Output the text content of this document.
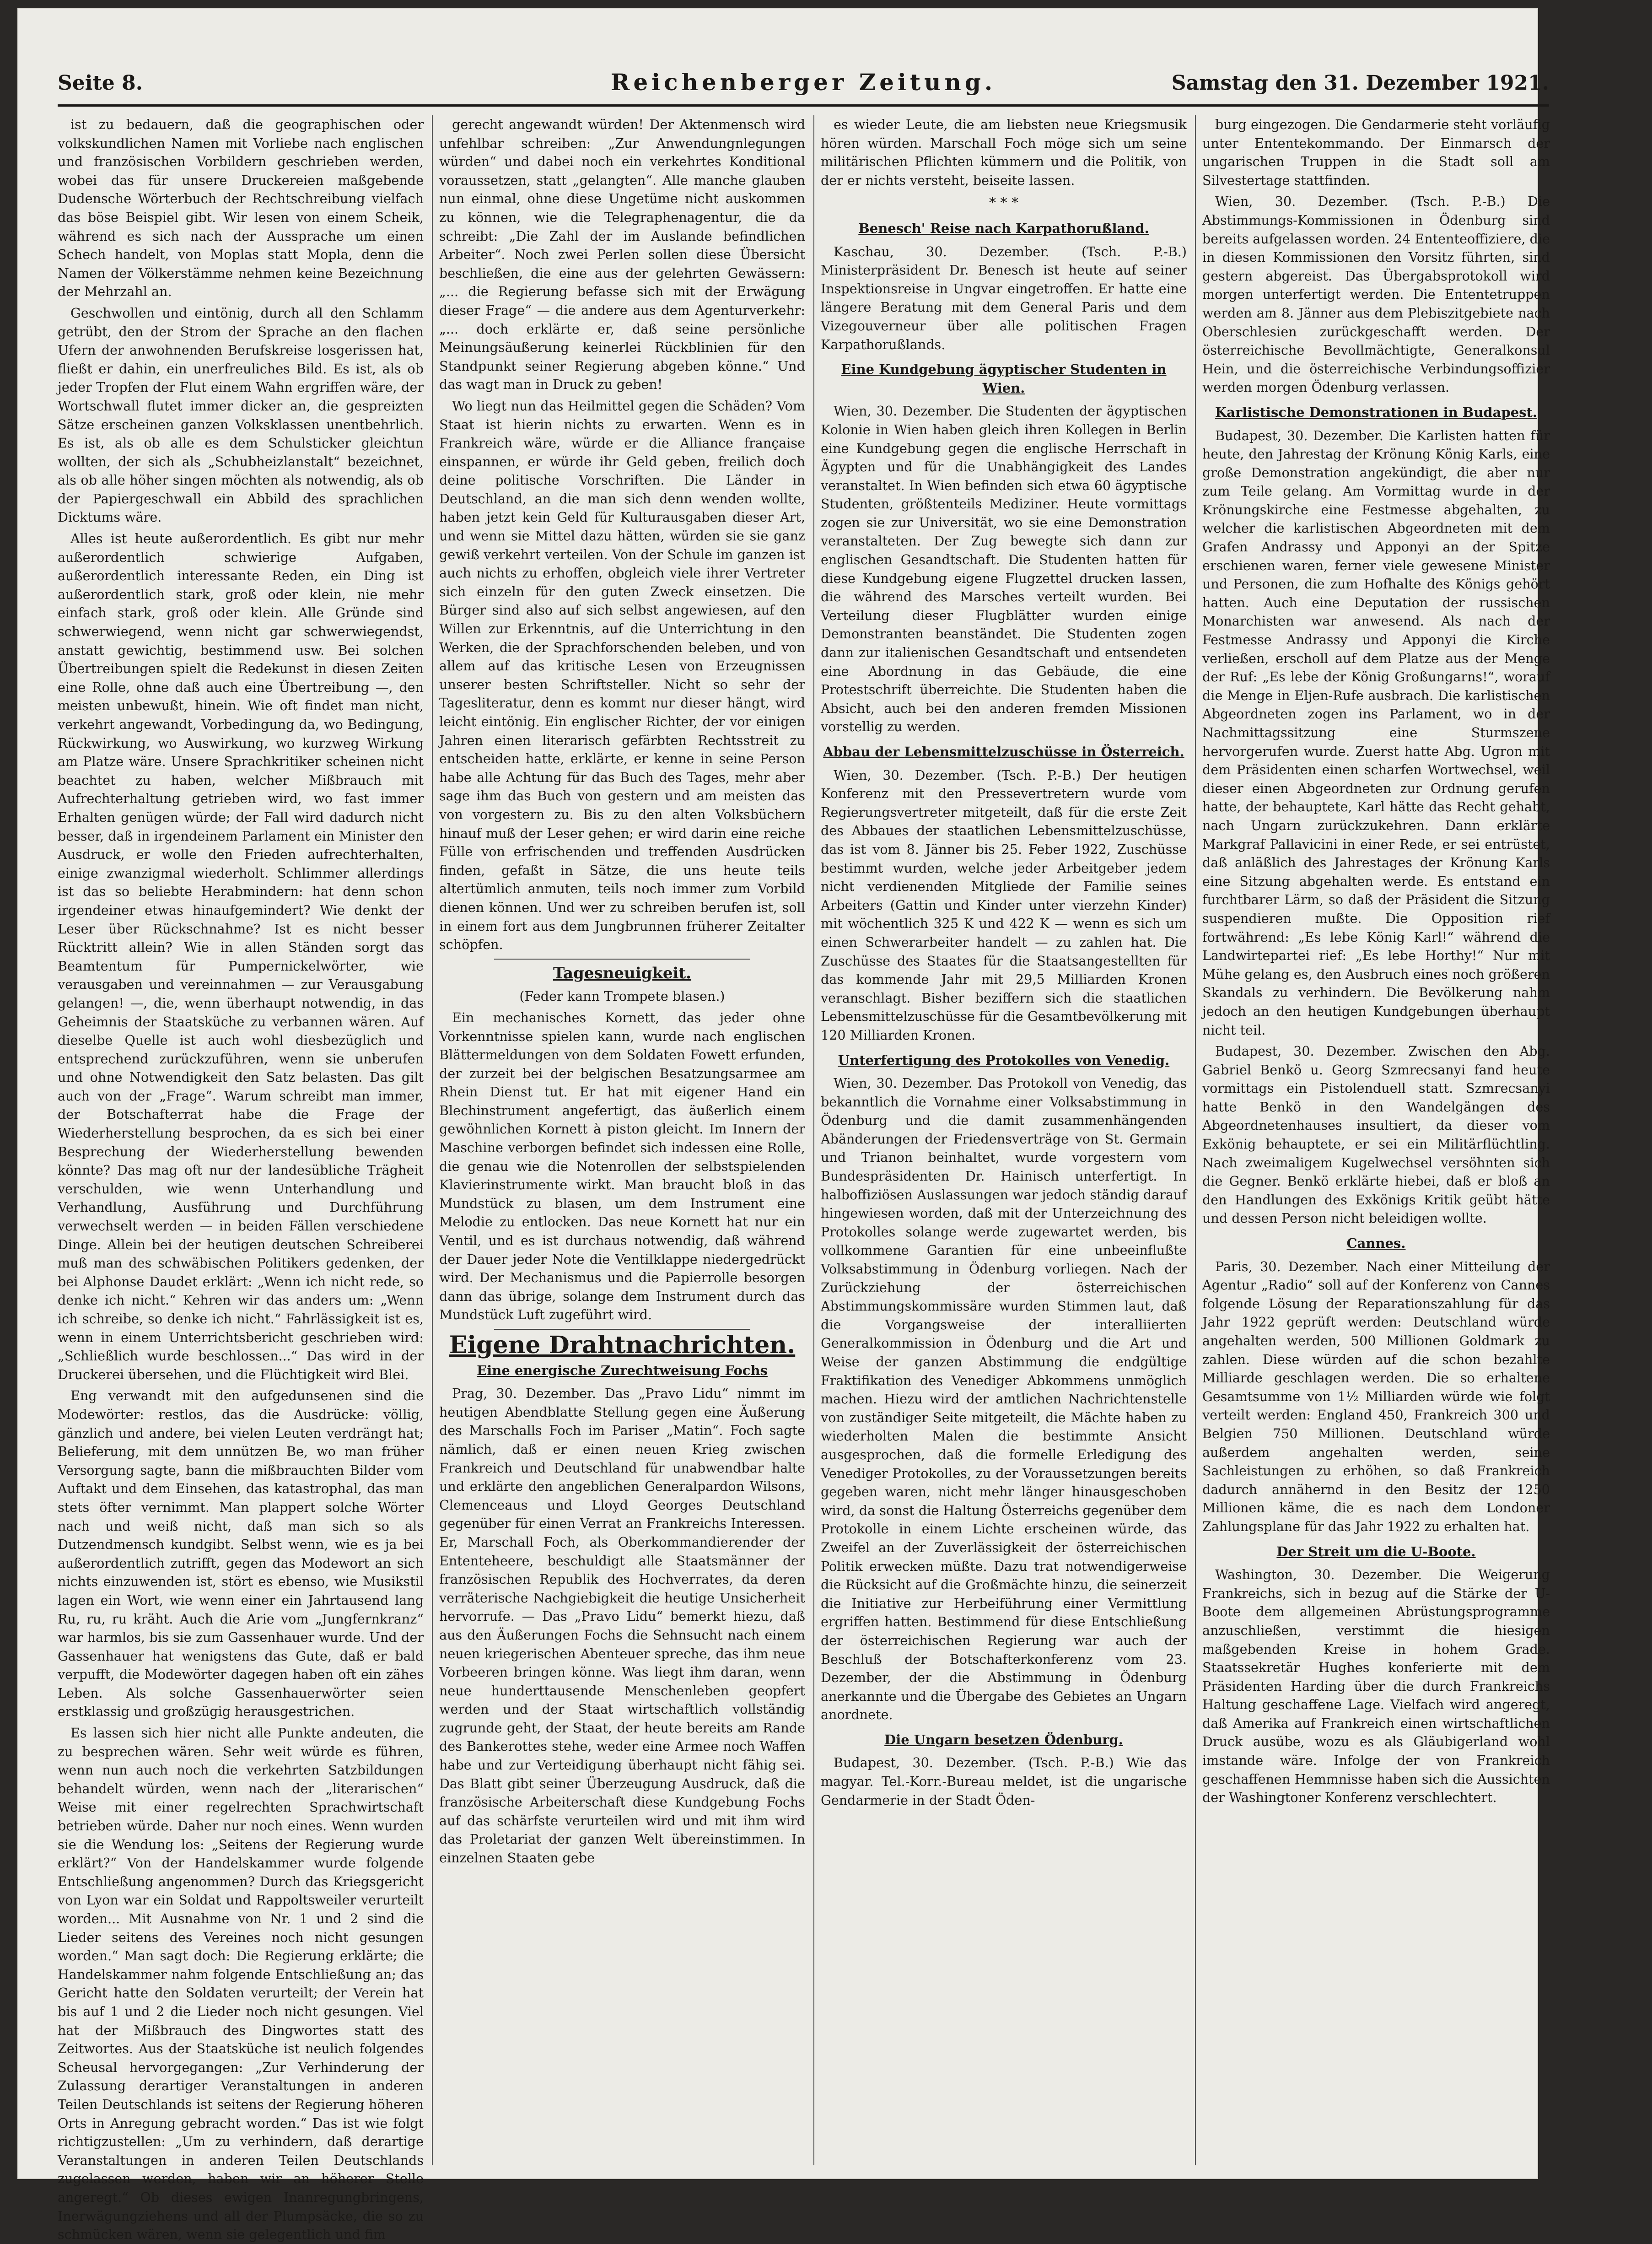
Seite 8.	Reichenberger Zeitung.	Samstag den 31. Dezember 1921.

ist zu bedauern, daß die geographischen oder volkskundlichen Namen mit Vorliebe nach englischen und französischen Vorbildern geschrieben werden, wobei das für unsere Druckereien maßgebende Dudensche Wörterbuch der Rechtschreibung vielfach das böse Beispiel gibt. Wir lesen von einem Scheik, während es sich nach der Aussprache um einen Schech handelt, von Moplas statt Mopla, denn die Namen der Völkerstämme nehmen keine Bezeichnung der Mehrzahl an.

Geschwollen und eintönig, durch all den Schlamm getrübt, den der Strom der Sprache an den flachen Ufern der anwohnenden Berufskreise losgerissen hat, fließt er dahin, ein unerfreuliches Bild. Es ist, als ob jeder Tropfen der Flut einem Wahn ergriffen wäre, der Wortschwall flutet immer dicker an, die gespreizten Sätze erscheinen ganzen Volksklassen unentbehrlich. Es ist, als ob alle es dem Schulsticker gleichtun wollten, der sich als „Schubheizlanstalt“ bezeichnet, als ob alle höher singen möchten als notwendig, als ob der Papiergeschwall ein Abbild des sprachlichen Dicktums wäre.

Alles ist heute außerordentlich. Es gibt nur mehr außerordentlich schwierige Aufgaben, außerordentlich interessante Reden, ein Ding ist außerordentlich stark, groß oder klein, nie mehr einfach stark, groß oder klein. Alle Gründe sind schwerwiegend, wenn nicht gar schwerwiegendst, anstatt gewichtig, bestimmend usw. Bei solchen Übertreibungen spielt die Redekunst in diesen Zeiten eine Rolle, ohne daß auch eine Übertreibung —, den meisten unbewußt, hinein. Wie oft findet man nicht, verkehrt angewandt, Vorbedingung da, wo Bedingung, Rückwirkung, wo Auswirkung, wo kurzweg Wirkung am Platze wäre. Unsere Sprachkritiker scheinen nicht beachtet zu haben, welcher Mißbrauch mit Aufrechterhaltung getrieben wird, wo fast immer Erhalten genügen würde; der Fall wird dadurch nicht besser, daß in irgendeinem Parlament ein Minister den Ausdruck, er wolle den Frieden aufrechterhalten, einige zwanzigmal wiederholt. Schlimmer allerdings ist das so beliebte Herabmindern: hat denn schon irgendeiner etwas hinaufgemindert? Wie denkt der Leser über Rückschnahme? Ist es nicht besser Rücktritt allein? Wie in allen Ständen sorgt das Beamtentum für Pumpernickelwörter, wie verausgaben und vereinnahmen — zur Verausgabung gelangen! —, die, wenn überhaupt notwendig, in das Geheimnis der Staatsküche zu verbannen wären. Auf dieselbe Quelle ist auch wohl diesbezüglich und entsprechend zurückzuführen, wenn sie unberufen und ohne Notwendigkeit den Satz belasten. Das gilt auch von der „Frage“. Warum schreibt man immer, der Botschafterrat habe die Frage der Wiederherstellung besprochen, da es sich bei einer Besprechung der Wiederherstellung bewenden könnte? Das mag oft nur der landesübliche Trägheit verschulden, wie wenn Unterhandlung und Verhandlung, Ausführung und Durchführung verwechselt werden — in beiden Fällen verschiedene Dinge. Allein bei der heutigen deutschen Schreiberei muß man des schwäbischen Politikers gedenken, der bei Alphonse Daudet erklärt: „Wenn ich nicht rede, so denke ich nicht.“ Kehren wir das anders um: „Wenn ich schreibe, so denke ich nicht.“ Fahrlässigkeit ist es, wenn in einem Unterrichtsbericht geschrieben wird: „Schließlich wurde beschlossen...“ Das wird in der Druckerei übersehen, und die Flüchtigkeit wird Blei.

Eng verwandt mit den aufgedunsenen sind die Modewörter: restlos, das die Ausdrücke: völlig, gänzlich und andere, bei vielen Leuten verdrängt hat; Belieferung, mit dem unnützen Be, wo man früher Versorgung sagte, bann die mißbrauchten Bilder vom Auftakt und dem Einsehen, das katastrophal, das man stets öfter vernimmt. Man plappert solche Wörter nach und weiß nicht, daß man sich so als Dutzendmensch kundgibt. Selbst wenn, wie es ja bei außerordentlich zutrifft, gegen das Modewort an sich nichts einzuwenden ist, stört es ebenso, wie Musikstil lagen ein Wort, wie wenn einer ein Jahrtausend lang Ru, ru, ru kräht. Auch die Arie vom „Jungfernkranz“ war harmlos, bis sie zum Gassenhauer wurde. Und der Gassenhauer hat wenigstens das Gute, daß er bald verpufft, die Modewörter dagegen haben oft ein zähes Leben. Als solche Gassenhauerwörter seien erstklassig und großzügig herausgestrichen.

Es lassen sich hier nicht alle Punkte andeuten, die zu besprechen wären. Sehr weit würde es führen, wenn nun auch noch die verkehrten Satzbildungen behandelt würden, wenn nach der „literarischen“ Weise mit einer regelrechten Sprachwirtschaft betrieben würde. Daher nur noch eines. Wenn wurden sie die Wendung los: „Seitens der Regierung wurde erklärt?“ Von der Handelskammer wurde folgende Entschließung angenommen? Durch das Kriegsgericht von Lyon war ein Soldat und Rappoltsweiler verurteilt worden... Mit Ausnahme von Nr. 1 und 2 sind die Lieder seitens des Vereines noch nicht gesungen worden.“ Man sagt doch: Die Regierung erklärte; die Handelskammer nahm folgende Entschließung an; das Gericht hatte den Soldaten verurteilt; der Verein hat bis auf 1 und 2 die Lieder noch nicht gesungen. Viel hat der Mißbrauch des Dingwortes statt des Zeitwortes. Aus der Staatsküche ist neulich folgendes Scheusal hervorgegangen: „Zur Verhinderung der Zulassung derartiger Veranstaltungen in anderen Teilen Deutschlands ist seitens der Regierung höheren Orts in Anregung gebracht worden.“ Das ist wie folgt richtigzustellen: „Um zu verhindern, daß derartige Veranstaltungen in anderen Teilen Deutschlands zugelassen werden, haben wir an höherer Stelle angeregt.“ Ob dieses ewigen Inanregungbringens, Inerwägungziehens und all der Plumpsäcke, die so zu schmücken wären, wenn sie gelegentlich und fim

gerecht angewandt würden! Der Aktenmensch wird unfehlbar schreiben: „Zur Anwendungnlegungen würden“ und dabei noch ein verkehrtes Konditional voraussetzen, statt „gelangten“. Alle manche glauben nun einmal, ohne diese Ungetüme nicht auskommen zu können, wie die Telegraphenagentur, die da schreibt: „Die Zahl der im Auslande befindlichen Arbeiter“. Noch zwei Perlen sollen diese Übersicht beschließen, die eine aus der gelehrten Gewässern: „... die Regierung befasse sich mit der Erwägung dieser Frage“ — die andere aus dem Agenturverkehr: „... doch erklärte er, daß seine persönliche Meinungsäußerung keinerlei Rückblinien für den Standpunkt seiner Regierung abgeben könne.“ Und das wagt man in Druck zu geben!

Wo liegt nun das Heilmittel gegen die Schäden? Vom Staat ist hierin nichts zu erwarten. Wenn es in Frankreich wäre, würde er die Alliance française einspannen, er würde ihr Geld geben, freilich doch deine politische Vorschriften. Die Länder in Deutschland, an die man sich denn wenden wollte, haben jetzt kein Geld für Kulturausgaben dieser Art, und wenn sie Mittel dazu hätten, würden sie sie ganz gewiß verkehrt verteilen. Von der Schule im ganzen ist auch nichts zu erhoffen, obgleich viele ihrer Vertreter sich einzeln für den guten Zweck einsetzen. Die Bürger sind also auf sich selbst angewiesen, auf den Willen zur Erkenntnis, auf die Unterrichtung in den Werken, die der Sprachforschenden beleben, und von allem auf das kritische Lesen von Erzeugnissen unserer besten Schriftsteller. Nicht so sehr der Tagesliteratur, denn es kommt nur dieser hängt, wird leicht eintönig. Ein englischer Richter, der vor einigen Jahren einen literarisch gefärbten Rechtsstreit zu entscheiden hatte, erklärte, er kenne in seine Person habe alle Achtung für das Buch des Tages, mehr aber sage ihm das Buch von gestern und am meisten das von vorgestern zu. Bis zu den alten Volksbüchern hinauf muß der Leser gehen; er wird darin eine reiche Fülle von erfrischenden und treffenden Ausdrücken finden, gefaßt in Sätze, die uns heute teils altertümlich anmuten, teils noch immer zum Vorbild dienen können. Und wer zu schreiben berufen ist, soll in einem fort aus dem Jungbrunnen früherer Zeitalter schöpfen.

Tagesneuigkeit.

(Feder kann Trompete blasen.)

Ein mechanisches Kornett, das jeder ohne Vorkenntnisse spielen kann, wurde nach englischen Blättermeldungen von dem Soldaten Fowett erfunden, der zurzeit bei der belgischen Besatzungsarmee am Rhein Dienst tut. Er hat mit eigener Hand ein Blechinstrument angefertigt, das äußerlich einem gewöhnlichen Kornett à piston gleicht. Im Innern der Maschine verborgen befindet sich indessen eine Rolle, die genau wie die Notenrollen der selbstspielenden Klavierinstrumente wirkt. Man braucht bloß in das Mundstück zu blasen, um dem Instrument eine Melodie zu entlocken. Das neue Kornett hat nur ein Ventil, und es ist durchaus notwendig, daß während der Dauer jeder Note die Ventilklappe niedergedrückt wird. Der Mechanismus und die Papierrolle besorgen dann das übrige, solange dem Instrument durch das Mundstück Luft zugeführt wird.

Eigene Drahtnachrichten.
Eine energische Zurechtweisung Fochs

Prag, 30. Dezember. Das „Pravo Lidu“ nimmt im heutigen Abendblatte Stellung gegen eine Äußerung des Marschalls Foch im Pariser „Matin“. Foch sagte nämlich, daß er einen neuen Krieg zwischen Frankreich und Deutschland für unabwendbar halte und erklärte den angeblichen Generalpardon Wilsons, Clemenceaus und Lloyd Georges Deutschland gegenüber für einen Verrat an Frankreichs Interessen. Er, Marschall Foch, als Oberkommandierender der Ententeheere, beschuldigt alle Staatsmänner der französischen Republik des Hochverrates, da deren verräterische Nachgiebigkeit die heutige Unsicherheit hervorrufe. — Das „Pravo Lidu“ bemerkt hiezu, daß aus den Äußerungen Fochs die Sehnsucht nach einem neuen kriegerischen Abenteuer spreche, das ihm neue Vorbeeren bringen könne. Was liegt ihm daran, wenn neue hunderttausende Menschenleben geopfert werden und der Staat wirtschaftlich vollständig zugrunde geht, der Staat, der heute bereits am Rande des Bankerottes stehe, weder eine Armee noch Waffen habe und zur Verteidigung überhaupt nicht fähig sei. Das Blatt gibt seiner Überzeugung Ausdruck, daß die französische Arbeiterschaft diese Kundgebung Fochs auf das schärfste verurteilen wird und mit ihm wird das Proletariat der ganzen Welt übereinstimmen. In einzelnen Staaten gebe

es wieder Leute, die am liebsten neue Kriegsmusik hören würden. Marschall Foch möge sich um seine militärischen Pflichten kümmern und die Politik, von der er nichts versteht, beiseite lassen.

* * *
Benesch' Reise nach Karpathorußland.

Kaschau, 30. Dezember. (Tsch. P.-B.) Ministerpräsident Dr. Benesch ist heute auf seiner Inspektionsreise in Ungvar eingetroffen. Er hatte eine längere Beratung mit dem General Paris und dem Vizegouverneur über alle politischen Fragen Karpathorußlands.

Eine Kundgebung ägyptischer Studenten in Wien.

Wien, 30. Dezember. Die Studenten der ägyptischen Kolonie in Wien haben gleich ihren Kollegen in Berlin eine Kundgebung gegen die englische Herrschaft in Ägypten und für die Unabhängigkeit des Landes veranstaltet. In Wien befinden sich etwa 60 ägyptische Studenten, größtenteils Mediziner. Heute vormittags zogen sie zur Universität, wo sie eine Demonstration veranstalteten. Der Zug bewegte sich dann zur englischen Gesandtschaft. Die Studenten hatten für diese Kundgebung eigene Flugzettel drucken lassen, die während des Marsches verteilt wurden. Bei Verteilung dieser Flugblätter wurden einige Demonstranten beanständet. Die Studenten zogen dann zur italienischen Gesandtschaft und entsendeten eine Abordnung in das Gebäude, die eine Protestschrift überreichte. Die Studenten haben die Absicht, auch bei den anderen fremden Missionen vorstellig zu werden.

Abbau der Lebensmittelzuschüsse in Österreich.

Wien, 30. Dezember. (Tsch. P.-B.) Der heutigen Konferenz mit den Pressevertretern wurde vom Regierungsvertreter mitgeteilt, daß für die erste Zeit des Abbaues der staatlichen Lebensmittelzuschüsse, das ist vom 8. Jänner bis 25. Feber 1922, Zuschüsse bestimmt wurden, welche jeder Arbeitgeber jedem nicht verdienenden Mitgliede der Familie seines Arbeiters (Gattin und Kinder unter vierzehn Kinder) mit wöchentlich 325 K und 422 K — wenn es sich um einen Schwerarbeiter handelt — zu zahlen hat. Die Zuschüsse des Staates für die Staatsangestellten für das kommende Jahr mit 29,5 Milliarden Kronen veranschlagt. Bisher beziffern sich die staatlichen Lebensmittelzuschüsse für die Gesamtbevölkerung mit 120 Milliarden Kronen.

Unterfertigung des Protokolles von Venedig.

Wien, 30. Dezember. Das Protokoll von Venedig, das bekanntlich die Vornahme einer Volksabstimmung in Ödenburg und die damit zusammenhängenden Abänderungen der Friedensverträge von St. Germain und Trianon beinhaltet, wurde vorgestern vom Bundespräsidenten Dr. Hainisch unterfertigt. In halboffiziösen Auslassungen war jedoch ständig darauf hingewiesen worden, daß mit der Unterzeichnung des Protokolles solange werde zugewartet werden, bis vollkommene Garantien für eine unbeeinflußte Volksabstimmung in Ödenburg vorliegen. Nach der Zurückziehung der österreichischen Abstimmungskommissäre wurden Stimmen laut, daß die Vorgangsweise der interalliierten Generalkommission in Ödenburg und die Art und Weise der ganzen Abstimmung die endgültige Fraktifikation des Venediger Abkommens unmöglich machen. Hiezu wird der amtlichen Nachrichtenstelle von zuständiger Seite mitgeteilt, die Mächte haben zu wiederholten Malen die bestimmte Ansicht ausgesprochen, daß die formelle Erledigung des Venediger Protokolles, zu der Voraussetzungen bereits gegeben waren, nicht mehr länger hinausgeschoben wird, da sonst die Haltung Österreichs gegenüber dem Protokolle in einem Lichte erscheinen würde, das Zweifel an der Zuverlässigkeit der österreichischen Politik erwecken müßte. Dazu trat notwendigerweise die Rücksicht auf die Großmächte hinzu, die seinerzeit die Initiative zur Herbeiführung einer Vermittlung ergriffen hatten. Bestimmend für diese Entschließung der österreichischen Regierung war auch der Beschluß der Botschafterkonferenz vom 23. Dezember, der die Abstimmung in Ödenburg anerkannte und die Übergabe des Gebietes an Ungarn anordnete.

Die Ungarn besetzen Ödenburg.

Budapest, 30. Dezember. (Tsch. P.-B.) Wie das magyar. Tel.-Korr.-Bureau meldet, ist die ungarische Gendarmerie in der Stadt Öden-

burg eingezogen. Die Gendarmerie steht vorläufig unter Ententekommando. Der Einmarsch der ungarischen Truppen in die Stadt soll am Silvestertage stattfinden.

Wien, 30. Dezember. (Tsch. P.-B.) Die Abstimmungs-Kommissionen in Ödenburg sind bereits aufgelassen worden. 24 Ententeoffiziere, die in diesen Kommissionen den Vorsitz führten, sind gestern abgereist. Das Übergabsprotokoll wird morgen unterfertigt werden. Die Ententetruppen werden am 8. Jänner aus dem Plebiszitgebiete nach Oberschlesien zurückgeschafft werden. Der österreichische Bevollmächtigte, Generalkonsul Hein, und die österreichische Verbindungsoffizier werden morgen Ödenburg verlassen.

Karlistische Demonstrationen in Budapest.

Budapest, 30. Dezember. Die Karlisten hatten für heute, den Jahrestag der Krönung König Karls, eine große Demonstration angekündigt, die aber nur zum Teile gelang. Am Vormittag wurde in der Krönungskirche eine Festmesse abgehalten, zu welcher die karlistischen Abgeordneten mit dem Grafen Andrassy und Apponyi an der Spitze erschienen waren, ferner viele gewesene Minister und Personen, die zum Hofhalte des Königs gehört hatten. Auch eine Deputation der russischen Monarchisten war anwesend. Als nach der Festmesse Andrassy und Apponyi die Kirche verließen, erscholl auf dem Platze aus der Menge der Ruf: „Es lebe der König Großungarns!“, worauf die Menge in Eljen-Rufe ausbrach. Die karlistischen Abgeordneten zogen ins Parlament, wo in der Nachmittagssitzung eine Sturmszene hervorgerufen wurde. Zuerst hatte Abg. Ugron mit dem Präsidenten einen scharfen Wortwechsel, weil dieser einen Abgeordneten zur Ordnung gerufen hatte, der behauptete, Karl hätte das Recht gehabt, nach Ungarn zurückzukehren. Dann erklärte Markgraf Pallavicini in einer Rede, er sei entrüstet, daß anläßlich des Jahrestages der Krönung Karls eine Sitzung abgehalten werde. Es entstand ein furchtbarer Lärm, so daß der Präsident die Sitzung suspendieren mußte. Die Opposition rief fortwährend: „Es lebe König Karl!“ während die Landwirtepartei rief: „Es lebe Horthy!“ Nur mit Mühe gelang es, den Ausbruch eines noch größeren Skandals zu verhindern. Die Bevölkerung nahm jedoch an den heutigen Kundgebungen überhaupt nicht teil.

Budapest, 30. Dezember. Zwischen den Abg. Gabriel Benkö u. Georg Szmrecsanyi fand heute vormittags ein Pistolenduell statt. Szmrecsanyi hatte Benkö in den Wandelgängen des Abgeordnetenhauses insultiert, da dieser vom Exkönig behauptete, er sei ein Militärflüchtling. Nach zweimaligem Kugelwechsel versöhnten sich die Gegner. Benkö erklärte hiebei, daß er bloß an den Handlungen des Exkönigs Kritik geübt hätte und dessen Person nicht beleidigen wollte.

Cannes.

Paris, 30. Dezember. Nach einer Mitteilung der Agentur „Radio“ soll auf der Konferenz von Cannes folgende Lösung der Reparationszahlung für das Jahr 1922 geprüft werden: Deutschland würde angehalten werden, 500 Millionen Goldmark zu zahlen. Diese würden auf die schon bezahlte Milliarde geschlagen werden. Die so erhaltene Gesamtsumme von 1½ Milliarden würde wie folgt verteilt werden: England 450, Frankreich 300 und Belgien 750 Millionen. Deutschland würde außerdem angehalten werden, seine Sachleistungen zu erhöhen, so daß Frankreich dadurch annähernd in den Besitz der 1250 Millionen käme, die es nach dem Londoner Zahlungsplane für das Jahr 1922 zu erhalten hat.

Der Streit um die U-Boote.

Washington, 30. Dezember. Die Weigerung Frankreichs, sich in bezug auf die Stärke der U-Boote dem allgemeinen Abrüstungsprogramme anzuschließen, verstimmt die hiesigen maßgebenden Kreise in hohem Grade. Staatssekretär Hughes konferierte mit dem Präsidenten Harding über die durch Frankreichs Haltung geschaffene Lage. Vielfach wird angeregt, daß Amerika auf Frankreich einen wirtschaftlichen Druck ausübe, wozu es als Gläubigerland wohl imstande wäre. Infolge der von Frankreich geschaffenen Hemmnisse haben sich die Aussichten der Washingtoner Konferenz verschlechtert.
